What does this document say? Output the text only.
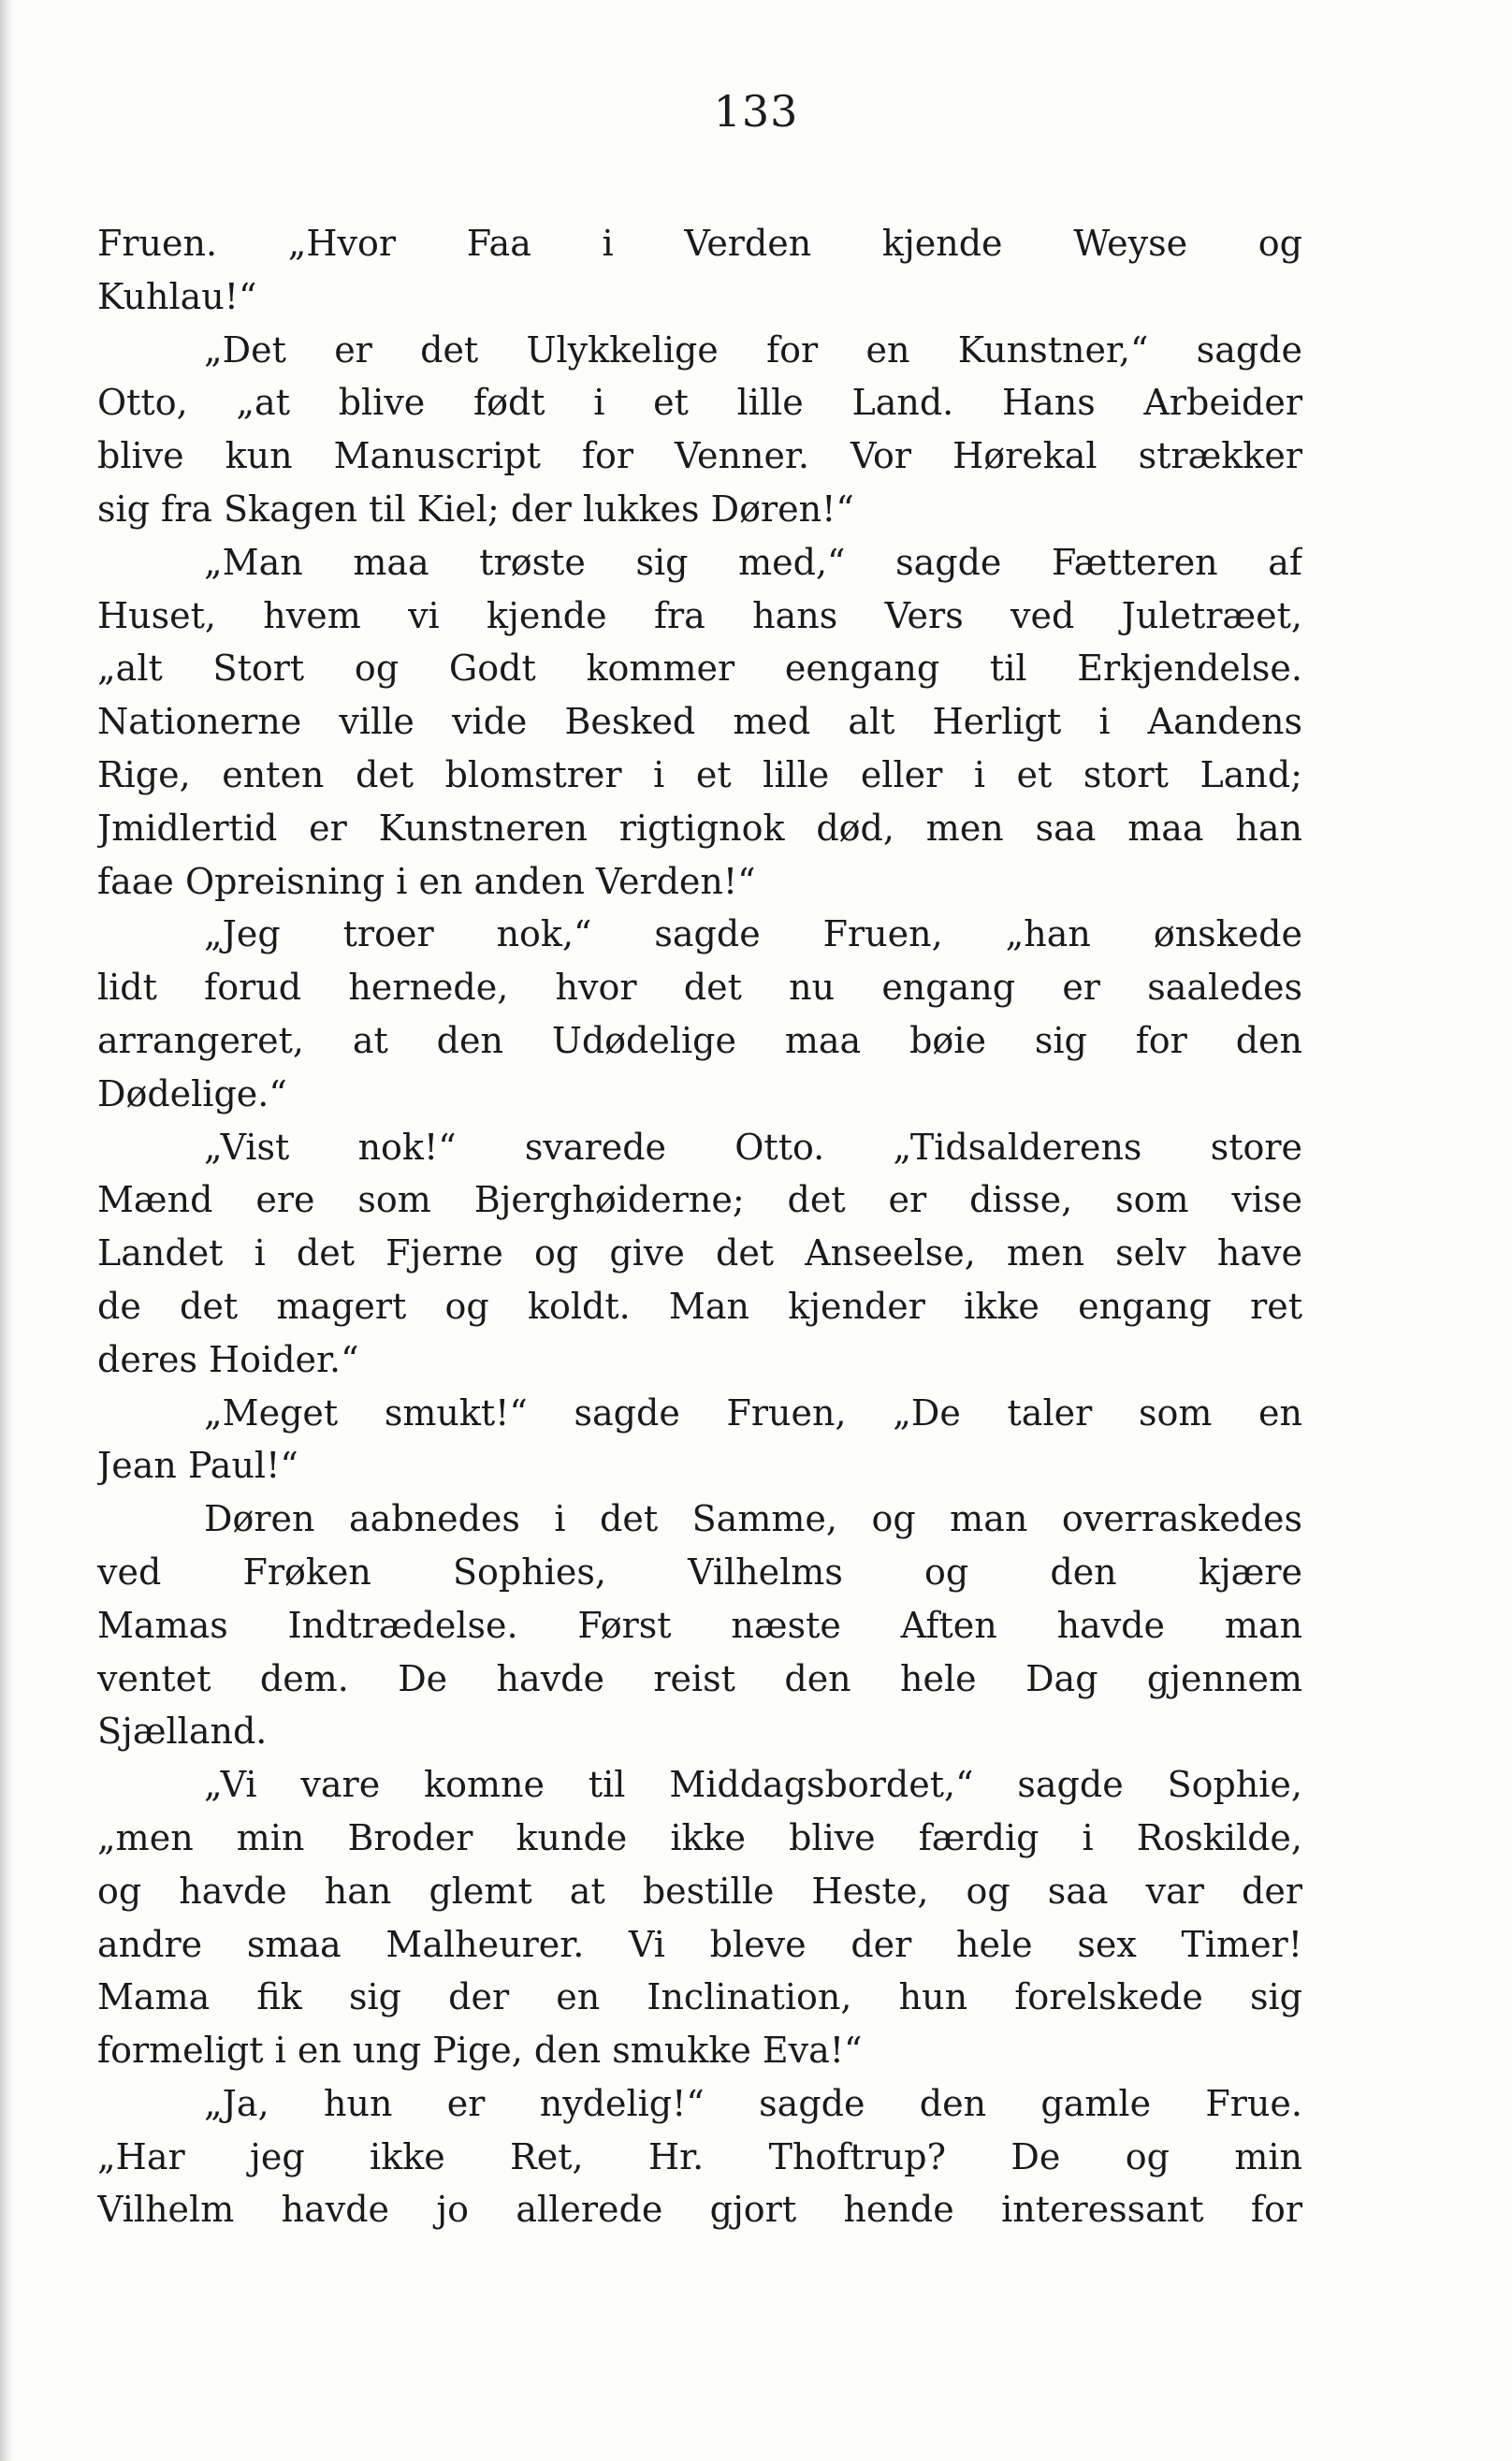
133
Fruen. „Hvor Faa i Verden kjende Weyse og
Kuhlau!“
„Det er det Ulykkelige for en Kunstner,“ sagde
Otto, „at blive født i et lille Land. Hans Arbeider
blive kun Manuscript for Venner. Vor Hørekal strækker
sig fra Skagen til Kiel; der lukkes Døren!“
„Man maa trøste sig med,“ sagde Fætteren af
Huset, hvem vi kjende fra hans Vers ved Juletræet,
„alt Stort og Godt kommer eengang til Erkjendelse.
Nationerne ville vide Besked med alt Herligt i Aandens
Rige, enten det blomstrer i et lille eller i et stort Land;
Jmidlertid er Kunstneren rigtignok død, men saa maa han
faae Opreisning i en anden Verden!“
„Jeg troer nok,“ sagde Fruen, „han ønskede
lidt forud hernede, hvor det nu engang er saaledes
arrangeret, at den Udødelige maa bøie sig for den
Dødelige.“
„Vist nok!“ svarede Otto. „Tidsalderens store
Mænd ere som Bjerghøiderne; det er disse, som vise
Landet i det Fjerne og give det Anseelse, men selv have
de det magert og koldt. Man kjender ikke engang ret
deres Hoider.“
„Meget smukt!“ sagde Fruen, „De taler som en
Jean Paul!“
Døren aabnedes i det Samme, og man overraskedes
ved Frøken Sophies, Vilhelms og den kjære
Mamas Indtrædelse. Først næste Aften havde man
ventet dem. De havde reist den hele Dag gjennem
Sjælland.
„Vi vare komne til Middagsbordet,“ sagde Sophie,
„men min Broder kunde ikke blive færdig i Roskilde,
og havde han glemt at bestille Heste, og saa var der
andre smaa Malheurer. Vi bleve der hele sex Timer!
Mama fik sig der en Inclination, hun forelskede sig
formeligt i en ung Pige, den smukke Eva!“
„Ja, hun er nydelig!“ sagde den gamle Frue.
„Har jeg ikke Ret, Hr. Thoftrup? De og min
Vilhelm havde jo allerede gjort hende interessant for
